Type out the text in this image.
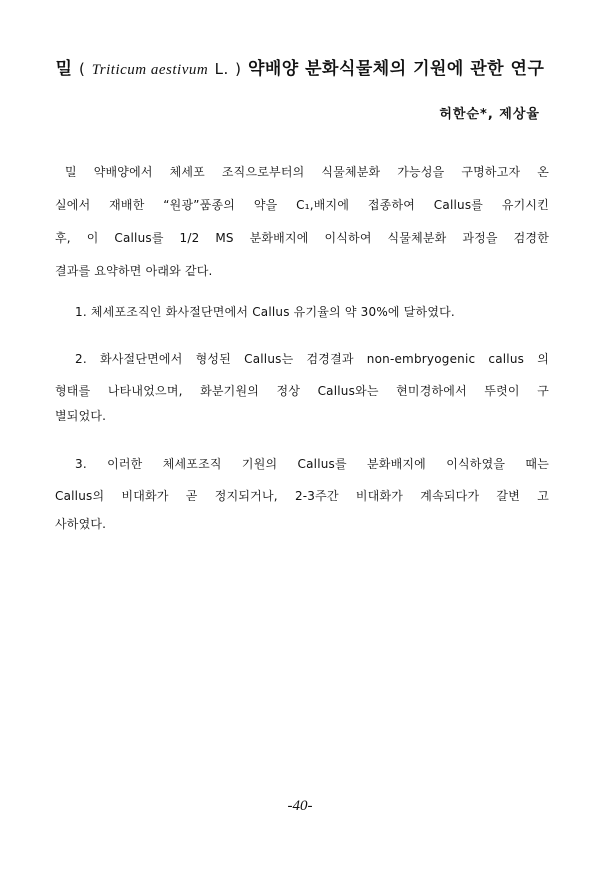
밀 ( Triticum aestivum L. ) 약배양 분화식물체의 기원에 관한 연구
허한순*, 제상율
밀 약배양에서 체세포 조직으로부터의 식물체분화 가능성을 구명하고자 온
실에서 재배한 “원광”품종의 약을 C₁,배지에 접종하여 Callus를 유기시킨
후, 이 Callus를 1/2 MS 분화배지에 이식하여 식물체분화 과정을 검경한
결과를 요약하면 아래와 같다.
1. 체세포조직인 화사절단면에서 Callus 유기율의 약 30%에 달하였다.
2. 화사절단면에서 형성된 Callus는 검경결과 non-embryogenic callus 의
형태를 나타내었으며, 화분기원의 정상 Callus와는 현미경하에서 뚜렷이 구
별되었다.
3. 이러한 체세포조직 기원의 Callus를 분화배지에 이식하였을 때는
Callus의 비대화가 곧 정지되거나, 2-3주간 비대화가 계속되다가 갈변 고
사하였다.
-40-
